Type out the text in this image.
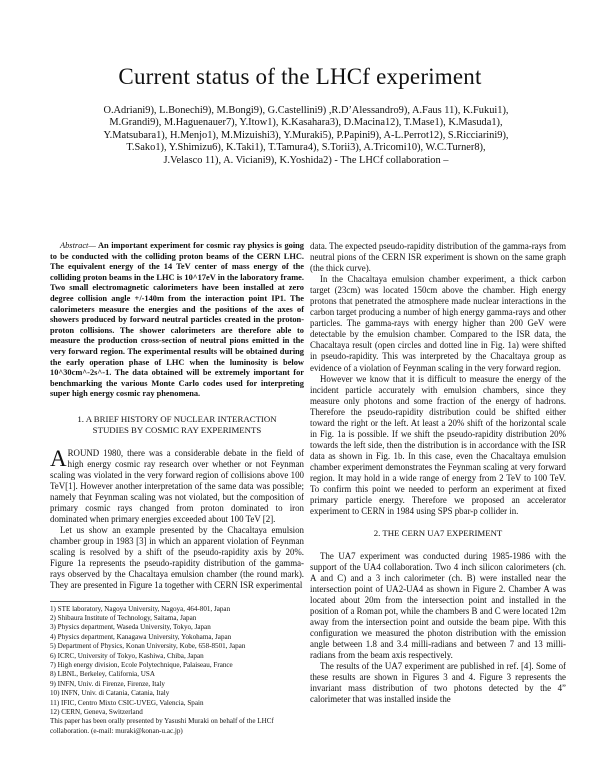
Current status of the LHCf experiment
O.Adriani9), L.Bonechi9), M.Bongi9), G.Castellini9) ,R.D’Alessandro9), A.Faus 11), K.Fukui1),
M.Grandi9), M.Haguenauer7), Y.Itow1), K.Kasahara3), D.Macina12), T.Mase1), K.Masuda1),
Y.Matsubara1), H.Menjo1), M.Mizuishi3), Y.Muraki5), P.Papini9), A-L.Perrot12), S.Ricciarini9),
T.Sako1), Y.Shimizu6), K.Taki1), T.Tamura4), S.Torii3), A.Tricomi10), W.C.Turner8),
J.Velasco 11), A. Viciani9), K.Yoshida2) - The LHCf collaboration –

Abstract— An important experiment for cosmic ray physics is going to be conducted with the colliding proton beams of the CERN LHC. The equivalent energy of the 14 TeV center of mass energy of the colliding proton beams in the LHC is 10^17eV in the laboratory frame. Two small electromagnetic calorimeters have been installed at zero degree collision angle +/-140m from the interaction point IP1. The calorimeters measure the energies and the positions of the axes of showers produced by forward neutral particles created in the proton-proton collisions. The shower calorimeters are therefore able to measure the production cross-section of neutral pions emitted in the very forward region. The experimental results will be obtained during the early operation phase of LHC when the luminosity is below 10^30cm^-2s^-1. The data obtained will be extremely important for benchmarking the various Monte Carlo codes used for interpreting super high energy cosmic ray phenomena.

1. A BRIEF HISTORY OF NUCLEAR INTERACTION
STUDIES BY COSMIC RAY EXPERIMENTS

AROUND 1980, there was a considerable debate in the field of high energy cosmic ray research over whether or not Feynman scaling was violated in the very forward region of collisions above 100 TeV[1]. However another interpretation of the same data was possible; namely that Feynman scaling was not violated, but the composition of primary cosmic rays changed from proton dominated to iron dominated when primary energies exceeded about 100 TeV [2].

Let us show an example presented by the Chacaltaya emulsion chamber group in 1983 [3] in which an apparent violation of Feynman scaling is resolved by a shift of the pseudo-rapidity axis by 20%. Figure 1a represents the pseudo-rapidity distribution of the gamma-rays observed by the Chacaltaya emulsion chamber (the round mark). They are presented in Figure 1a together with CERN ISR experimental

1) STE laboratory, Nagoya University, Nagoya, 464-801, Japan

2) Shibaura Institute of Technology, Saitama, Japan

3) Physics department, Waseda University, Tokyo, Japan

4) Physics department, Kanagawa University, Yokohama, Japan

5) Department of Physics, Konan University, Kobe, 658-8501, Japan

6) ICRC, University of Tokyo, Kashiwa, Chiba, Japan

7) High energy division, Ecole Polytechnique, Palaiseau, France

8) LBNL, Berkeley, California, USA

9) INFN, Univ. di Firenze, Firenze, Italy

10) INFN, Univ. di Catania, Catania, Italy

11) IFIC, Centro Mixto CSIC-UVEG, Valencia, Spain

12) CERN, Geneva, Switzerland

This paper has been orally presented by Yasushi Muraki on behalf of the LHCf collaboration. (e-mail: muraki@konan-u.ac.jp)

data. The expected pseudo-rapidity distribution of the gamma-rays from neutral pions of the CERN ISR experiment is shown on the same graph (the thick curve).

In the Chacaltaya emulsion chamber experiment, a thick carbon target (23cm) was located 150cm above the chamber. High energy protons that penetrated the atmosphere made nuclear interactions in the carbon target producing a number of high energy gamma-rays and other particles. The gamma-rays with energy higher than 200 GeV were detectable by the emulsion chamber. Compared to the ISR data, the Chacaltaya result (open circles and dotted line in Fig. 1a) were shifted in pseudo-rapidity. This was interpreted by the Chacaltaya group as evidence of a violation of Feynman scaling in the very forward region.

However we know that it is difficult to measure the energy of the incident particle accurately with emulsion chambers, since they measure only photons and some fraction of the energy of hadrons. Therefore the pseudo-rapidity distribution could be shifted either toward the right or the left. At least a 20% shift of the horizontal scale in Fig. 1a is possible. If we shift the pseudo-rapidity distribution 20% towards the left side, then the distribution is in accordance with the ISR data as shown in Fig. 1b. In this case, even the Chacaltaya emulsion chamber experiment demonstrates the Feynman scaling at very forward region. It may hold in a wide range of energy from 2 TeV to 100 TeV. To confirm this point we needed to perform an experiment at fixed primary particle energy. Therefore we proposed an accelerator experiment to CERN in 1984 using SPS pbar-p collider in.

2. THE CERN UA7 EXPERIMENT

The UA7 experiment was conducted during 1985-1986 with the support of the UA4 collaboration. Two 4 inch silicon calorimeters (ch. A and C) and a 3 inch calorimeter (ch. B) were installed near the intersection point of UA2-UA4 as shown in Figure 2. Chamber A was located about 20m from the intersection point and installed in the position of a Roman pot, while the chambers B and C were located 12m away from the intersection point and outside the beam pipe. With this configuration we measured the photon distribution with the emission angle between 1.8 and 3.4 milli-radians and between 7 and 13 milli-radians from the beam axis respectively.

The results of the UA7 experiment are published in ref. [4]. Some of these results are shown in Figures 3 and 4. Figure 3 represents the invariant mass distribution of two photons detected by the 4” calorimeter that was installed inside the
